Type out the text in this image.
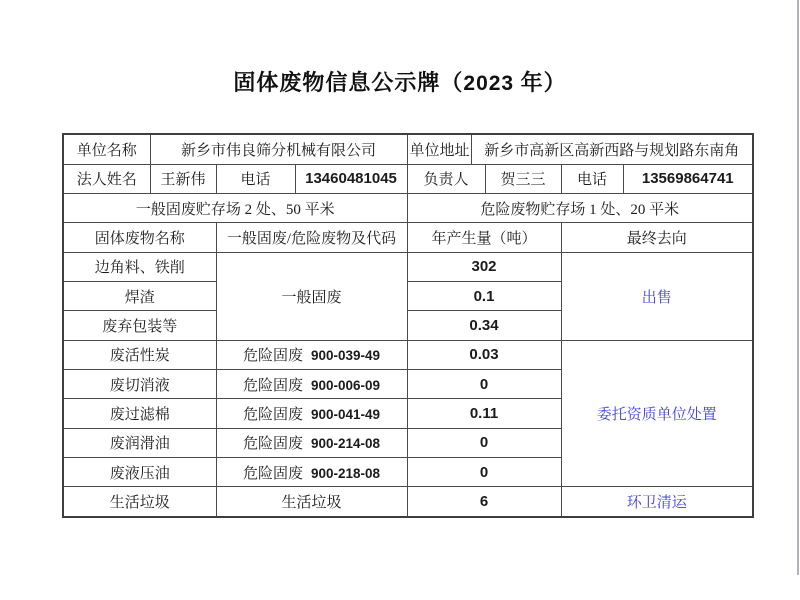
固体废物信息公示牌（2023 年）
单位名称	新乡市伟良筛分机械有限公司			单位地址	新乡市高新区高新西路与规划路东南角			
法人姓名	王新伟	电话	13460481045	负责人		贺三三	电话	13569864741
一般固废贮存场 2 处、50 平米				危险废物贮存场 1 处、20 平米				
固体废物名称		一般固废/危险废物及代码		年产生量（吨）			最终去向	
边角料、铁削		一般固废		302			出售	
焊渣				0.1				
废弃包装等				0.34				
废活性炭		危险固废 900-039-49		0.03			委托资质单位处置	
废切消液		危险固废 900-006-09		0				
废过滤棉		危险固废 900-041-49		0.11				
废润滑油		危险固废 900-214-08		0				
废液压油		危险固废 900-218-08		0				
生活垃圾		生活垃圾		6			环卫清运	
